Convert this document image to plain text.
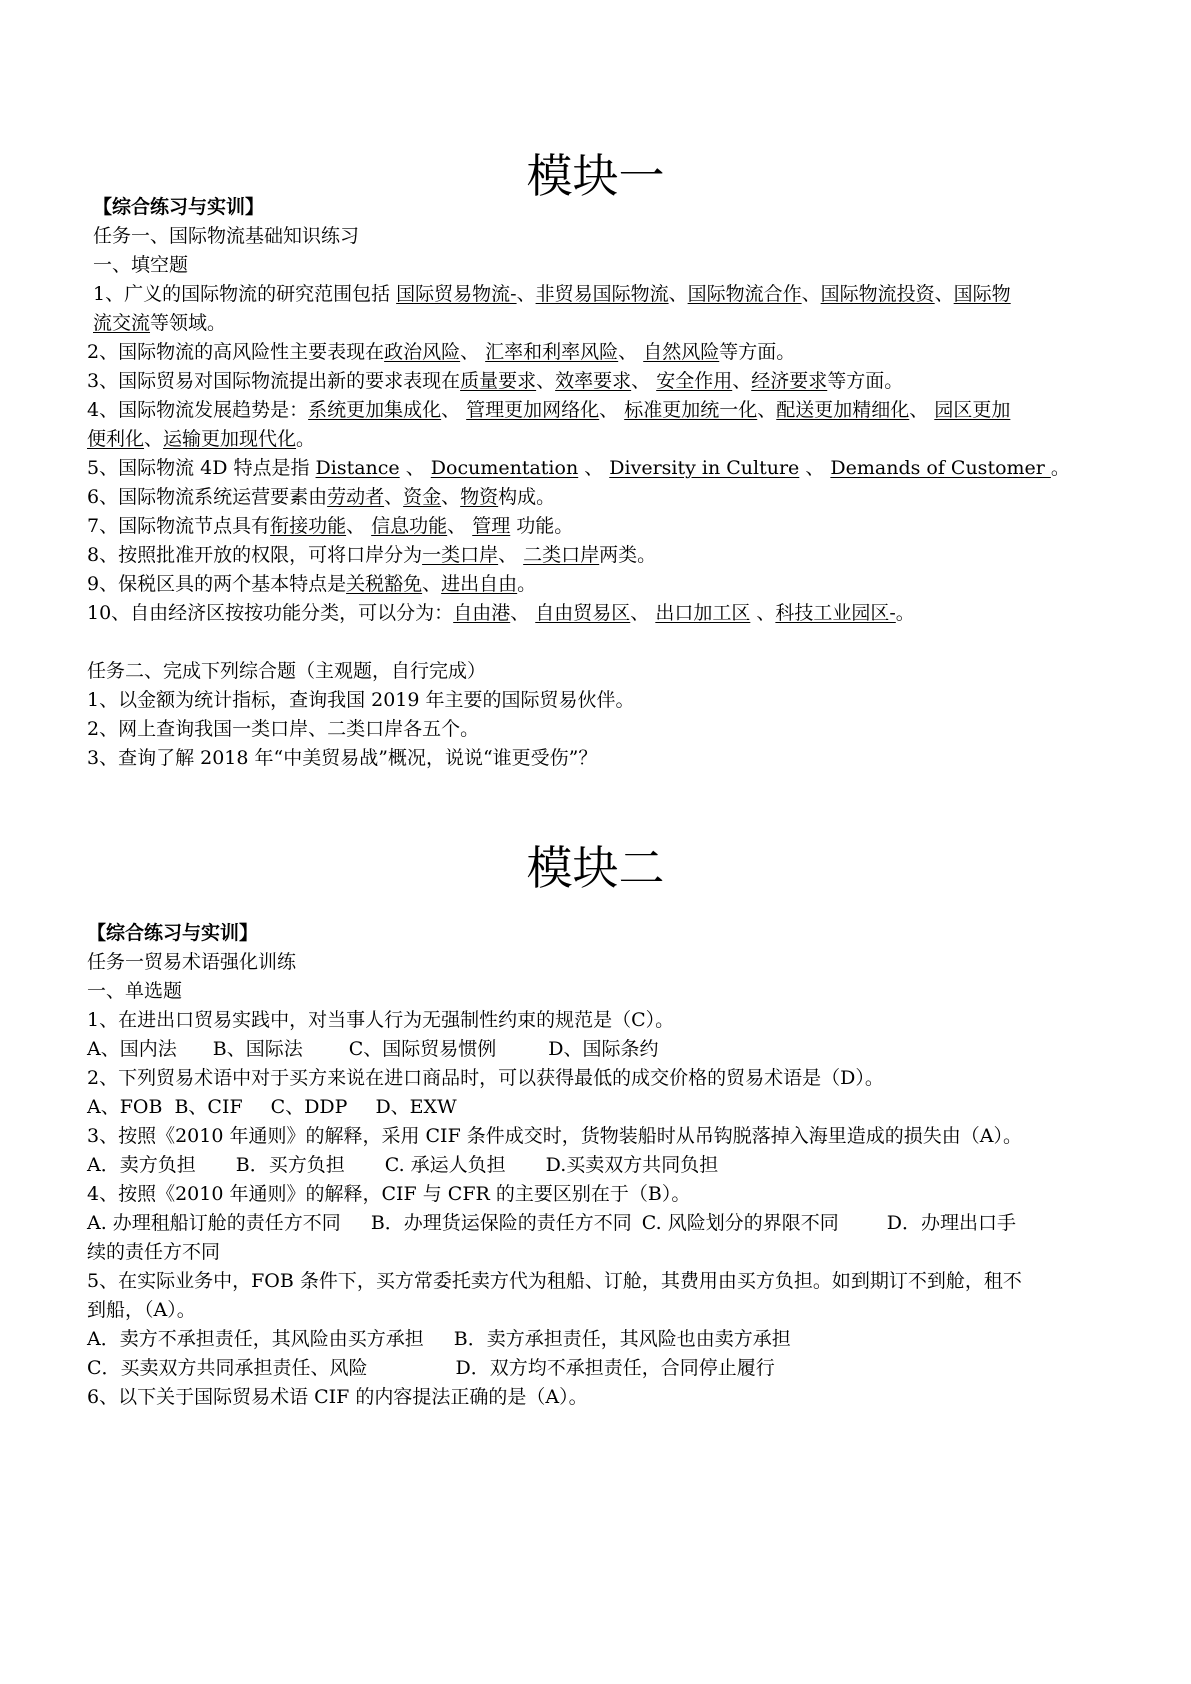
模块一
【综合练习与实训】
任务一、国际物流基础知识练习
一、填空题
1、广义的国际物流的研究范围包括 国际贸易物流-、非贸易国际物流、国际物流合作、国际物流投资、国际物
流交流等领域。
2、国际物流的高风险性主要表现在政治风险、 汇率和利率风险、 自然风险等方面。
3、国际贸易对国际物流提出新的要求表现在质量要求、效率要求、 安全作用、经济要求等方面。
4、国际物流发展趋势是：系统更加集成化、 管理更加网络化、 标准更加统一化、配送更加精细化、 园区更加
便利化、运输更加现代化。
5、国际物流 4D 特点是指 Distance 、 Documentation 、 Diversity in Culture 、 Demands of Customer 。
6、国际物流系统运营要素由劳动者、资金、物资构成。
7、国际物流节点具有衔接功能、 信息功能、 管理 功能。
8、按照批准开放的权限，可将口岸分为一类口岸、 二类口岸两类。
9、保税区具的两个基本特点是关税豁免、进出自由。
10、自由经济区按按功能分类，可以分为：自由港、 自由贸易区、 出口加工区 、科技工业园区-。
任务二、完成下列综合题（主观题，自行完成）
1、以金额为统计指标，查询我国 2019 年主要的国际贸易伙伴。
2、网上查询我国一类口岸、二类口岸各五个。
3、查询了解 2018 年“中美贸易战”概况，说说“谁更受伤”？
模块二
【综合练习与实训】
任务一贸易术语强化训练
一、单选题
1、在进出口贸易实践中，对当事人行为无强制性约束的规范是（C）。
A、国内法 B、国际法 C、国际贸易惯例	D、国际条约
2、下列贸易术语中对于买方来说在进口商品时，可以获得最低的成交价格的贸易术语是（D）。
A、FOB B、CIF C、DDP D、EXW
3、按照《2010 年通则》的解释，采用 CIF 条件成交时，货物装船时从吊钩脱落掉入海里造成的损失由（A）。
A．卖方负担 B．买方负担 C. 承运人负担 D.买卖双方共同负担
4、按照《2010 年通则》的解释，CIF 与 CFR 的主要区别在于（B）。
A. 办理租船订舱的责任方不同 B．办理货运保险的责任方不同 C. 风险划分的界限不同	D．办理出口手
续的责任方不同
5、在实际业务中，FOB 条件下，买方常委托卖方代为租船、订舱，其费用由买方负担。如到期订不到舱，租不
到船，（A）。
A．卖方不承担责任，其风险由买方承担 B．卖方承担责任，其风险也由卖方承担
C．买卖双方共同承担责任、风险	D．双方均不承担责任，合同停止履行
6、以下关于国际贸易术语 CIF 的内容提法正确的是（A）。
